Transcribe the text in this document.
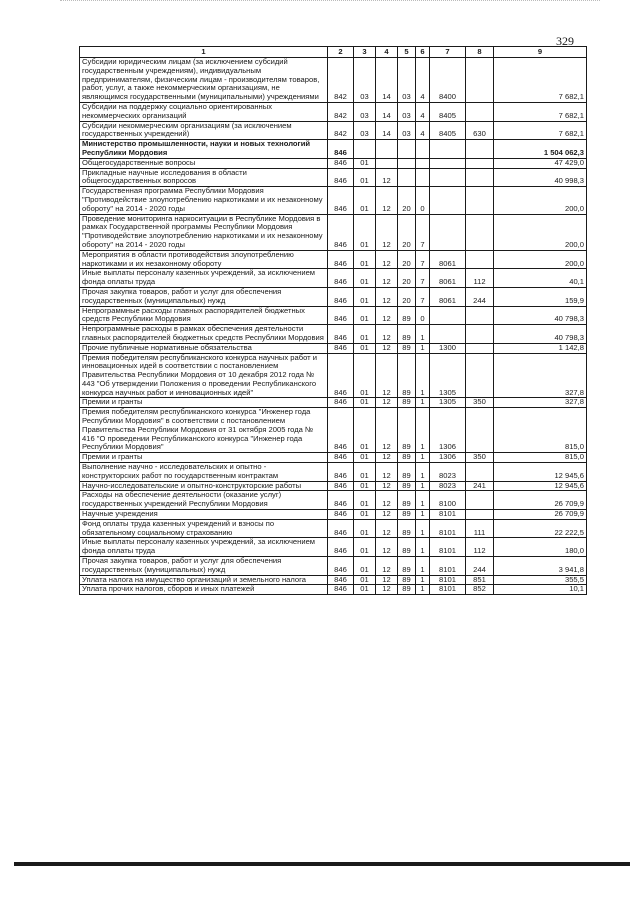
329
1	2	3	4	5	6	7	8	9
Субсидии юридическим лицам (за исключением субсидий государственным учреждениям), индивидуальным предпринимателям, физическим лицам - производителям товаров, работ, услуг, а также некоммерческим организациям, не являющимся государственными (муниципальными) учреждениями	842	03	14	03	4	8400		7 682,1
Субсидии на поддержку социально ориентированных некоммерческих организаций	842	03	14	03	4	8405		7 682,1
Субсидии некоммерческим организациям (за исключением государственных учреждений)	842	03	14	03	4	8405	630	7 682,1
Министерство промышленности, науки и новых технологий Республики Мордовия	846							1 504 062,3
Общегосударственные вопросы	846	01						47 429,0
Прикладные научные исследования в области общегосударственных вопросов	846	01	12					40 998,3
Государственная программа Республики Мордовия "Противодействие злоупотреблению наркотиками и их незаконному обороту" на 2014 - 2020 годы	846	01	12	20	0			200,0
Проведение мониторинга наркоситуации в Республике Мордовия в рамках Государственной программы Республики Мордовия "Противодействие злоупотреблению наркотиками и их незаконному обороту" на 2014 - 2020 годы	846	01	12	20	7			200,0
Мероприятия в области противодействия злоупотреблению наркотиками и их незаконному обороту	846	01	12	20	7	8061		200,0
Иные выплаты персоналу казенных учреждений, за исключением фонда оплаты труда	846	01	12	20	7	8061	112	40,1
Прочая закупка товаров, работ и услуг для обеспечения государственных (муниципальных) нужд	846	01	12	20	7	8061	244	159,9
Непрограммные расходы главных распорядителей бюджетных средств Республики Мордовия	846	01	12	89	0			40 798,3
Непрограммные расходы в рамках обеспечения деятельности главных распорядителей бюджетных средств Республики Мордовия	846	01	12	89	1			40 798,3
Прочие публичные нормативные обязательства	846	01	12	89	1	1300		1 142,8
Премия победителям республиканского конкурса научных работ и инновационных идей в соответствии с постановлением Правительства Республики Мордовия от 10 декабря 2012 года № 443 "Об утверждении Положения о проведении Республиканского конкурса научных работ и инновационных идей"	846	01	12	89	1	1305		327,8
Премии и гранты	846	01	12	89	1	1305	350	327,8
Премия победителям республиканского конкурса "Инженер года Республики Мордовия" в соответствии с постановлением Правительства Республики Мордовия от 31 октября 2005 года № 416 "О проведении Республиканского конкурса "Инженер года Республики Мордовия"	846	01	12	89	1	1306		815,0
Премии и гранты	846	01	12	89	1	1306	350	815,0
Выполнение научно - исследовательских и опытно - конструкторских работ по государственным контрактам	846	01	12	89	1	8023		12 945,6
Научно-исследовательские и опытно-конструкторские работы	846	01	12	89	1	8023	241	12 945,6
Расходы на обеспечение деятельности (оказание услуг) государственных учреждений Республики Мордовия	846	01	12	89	1	8100		26 709,9
Научные учреждения	846	01	12	89	1	8101		26 709,9
Фонд оплаты труда казенных учреждений и взносы по обязательному социальному страхованию	846	01	12	89	1	8101	111	22 222,5
Иные выплаты персоналу казенных учреждений, за исключением фонда оплаты труда	846	01	12	89	1	8101	112	180,0
Прочая закупка товаров, работ и услуг для обеспечения государственных (муниципальных) нужд	846	01	12	89	1	8101	244	3 941,8
Уплата налога на имущество организаций и земельного налога	846	01	12	89	1	8101	851	355,5
Уплата прочих налогов, сборов и иных платежей	846	01	12	89	1	8101	852	10,1
